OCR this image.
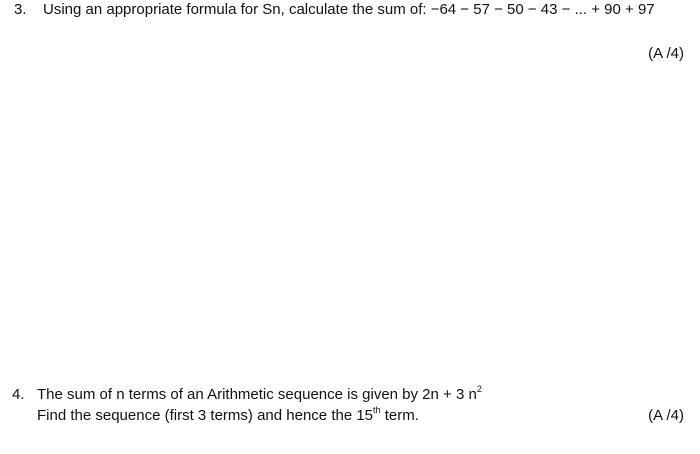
3. Using an appropriate formula for Sn, calculate the sum of: −64 − 57 − 50 − 43 − ... + 90 + 97
(A /4)
4. The sum of n terms of an Arithmetic sequence is given by 2n + 3 $n^2$
Find the sequence (first 3 terms) and hence the 15th term.	(A /4)
